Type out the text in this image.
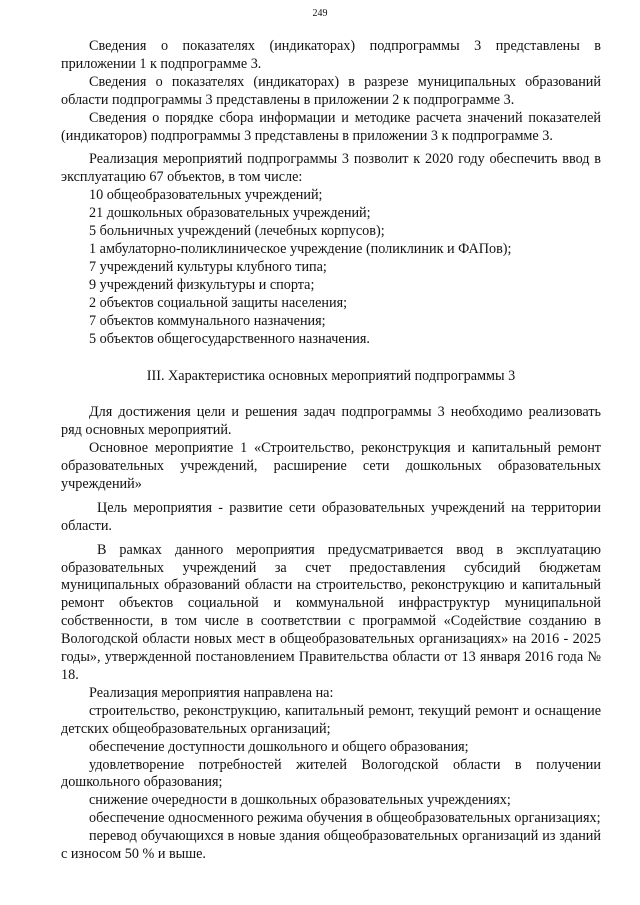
249

Сведения о показателях (индикаторах) подпрограммы 3 представлены в приложении 1 к подпрограмме 3.

Сведения о показателях (индикаторах) в разрезе муниципальных образований области подпрограммы 3 представлены в приложении 2 к подпрограмме 3.

Сведения о порядке сбора информации и методике расчета значений показателей (индикаторов) подпрограммы 3 представлены в приложении 3 к подпрограмме 3.

Реализация мероприятий подпрограммы 3 позволит к 2020 году обеспечить ввод в эксплуатацию 67 объектов, в том числе:

10 общеобразовательных учреждений;

21 дошкольных образовательных учреждений;

5 больничных учреждений (лечебных корпусов);

1 амбулаторно-поликлиническое учреждение (поликлиник и ФАПов);

7 учреждений культуры клубного типа;

9 учреждений физкультуры и спорта;

2 объектов социальной защиты населения;

7 объектов коммунального назначения;

5 объектов общегосударственного назначения.

III. Характеристика основных мероприятий подпрограммы 3

Для достижения цели и решения задач подпрограммы 3 необходимо реализовать ряд основных мероприятий.

Основное мероприятие 1 «Строительство, реконструкция и капитальный ремонт образовательных учреждений, расширение сети дошкольных образовательных учреждений»

Цель мероприятия - развитие сети образовательных учреждений на территории области.

В рамках данного мероприятия предусматривается ввод в эксплуатацию образовательных учреждений за счет предоставления субсидий бюджетам муниципальных образований области на строительство, реконструкцию и капитальный ремонт объектов социальной и коммунальной инфраструктур муниципальной собственности, в том числе в соответствии с программой «Содействие созданию в Вологодской области новых мест в общеобразовательных организациях» на 2016 - 2025 годы», утвержденной постановлением Правительства области от 13 января 2016 года № 18.

Реализация мероприятия направлена на:

строительство, реконструкцию, капитальный ремонт, текущий ремонт и оснащение детских общеобразовательных организаций;

обеспечение доступности дошкольного и общего образования;

удовлетворение потребностей жителей Вологодской области в получении дошкольного образования;

снижение очередности в дошкольных образовательных учреждениях;

обеспечение односменного режима обучения в общеобразовательных организациях;

перевод обучающихся в новые здания общеобразовательных организаций из зданий с износом 50 % и выше.
